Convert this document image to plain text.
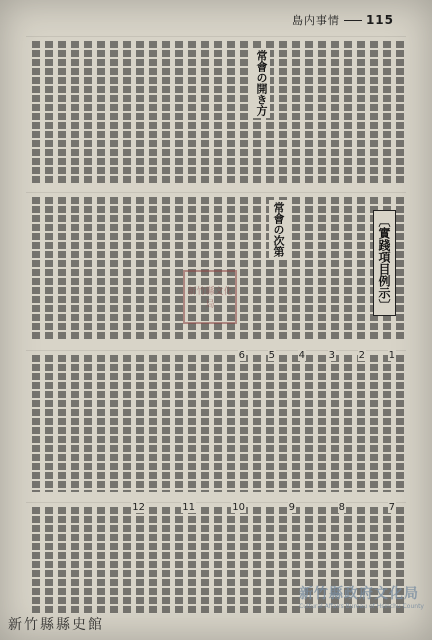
島内事情 115
常會の開き方
常會の次第	〔實踐項目例示〕
1
2
3
4
7
8
9
10
11
12
5
6
新竹縣文化局
新竹縣政府文化局
Cultural Affairs Bureau of Hsinchu County
新竹縣縣史館
